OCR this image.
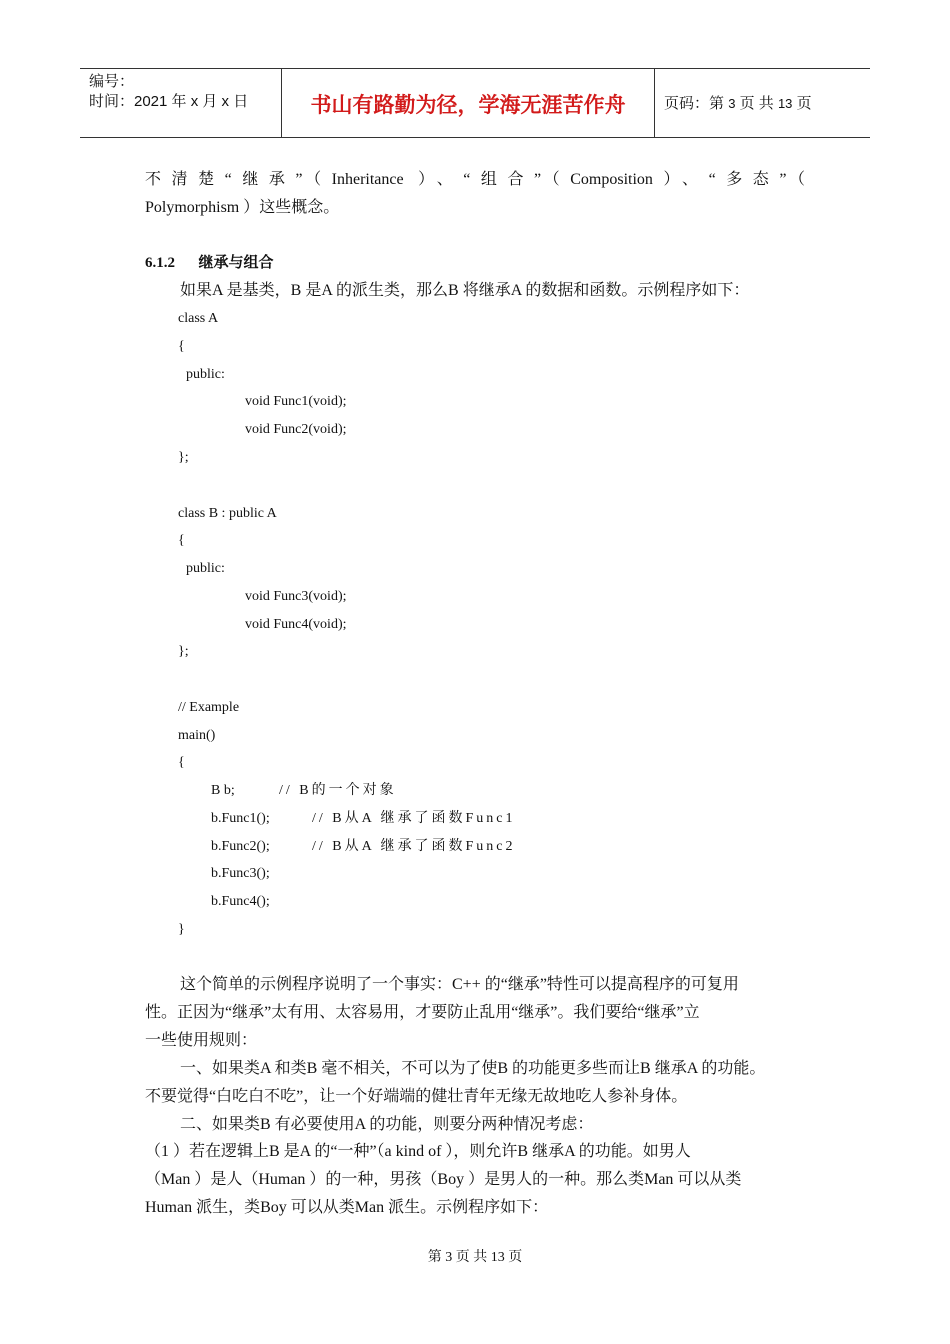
编号：
时间：2021 年 x 月 x 日	书山有路勤为径，学海无涯苦作舟	页码：第 3 页 共 13 页
不清楚“继承”（Inheritance ）、“组合”（Composition）、“多态”（
Polymorphism ）这些概念。
6.1.2 继承与组合
如果A 是基类，B 是A 的派生类，那么B 将继承A 的数据和函数。示例程序如下：
class A
{
public:
void Func1(void);
void Func2(void);
};
class B : public A
{
public:
void Func3(void);
void Func4(void);
};
// Example
main()
{
B b;	// B的一个对象
b.Func1();	// B从A 继承了函数Func1
b.Func2();	// B从A 继承了函数Func2
b.Func3();
b.Func4();
}
这个简单的示例程序说明了一个事实：C++ 的“继承”特性可以提高程序的可复用
性。正因为“继承”太有用、太容易用，才要防止乱用“继承”。我们要给“继承”立
一些使用规则：
一、如果类A 和类B 毫不相关，不可以为了使B 的功能更多些而让B 继承A 的功能。
不要觉得“白吃白不吃”，让一个好端端的健壮青年无缘无故地吃人参补身体。
二、如果类B 有必要使用A 的功能，则要分两种情况考虑：
（1 ）若在逻辑上B 是A 的“一种”（a kind of ），则允许B 继承A 的功能。如男人
（Man ）是人（Human ）的一种，男孩（Boy ）是男人的一种。那么类Man 可以从类
Human 派生，类Boy 可以从类Man 派生。示例程序如下：
第 3 页 共 13 页
